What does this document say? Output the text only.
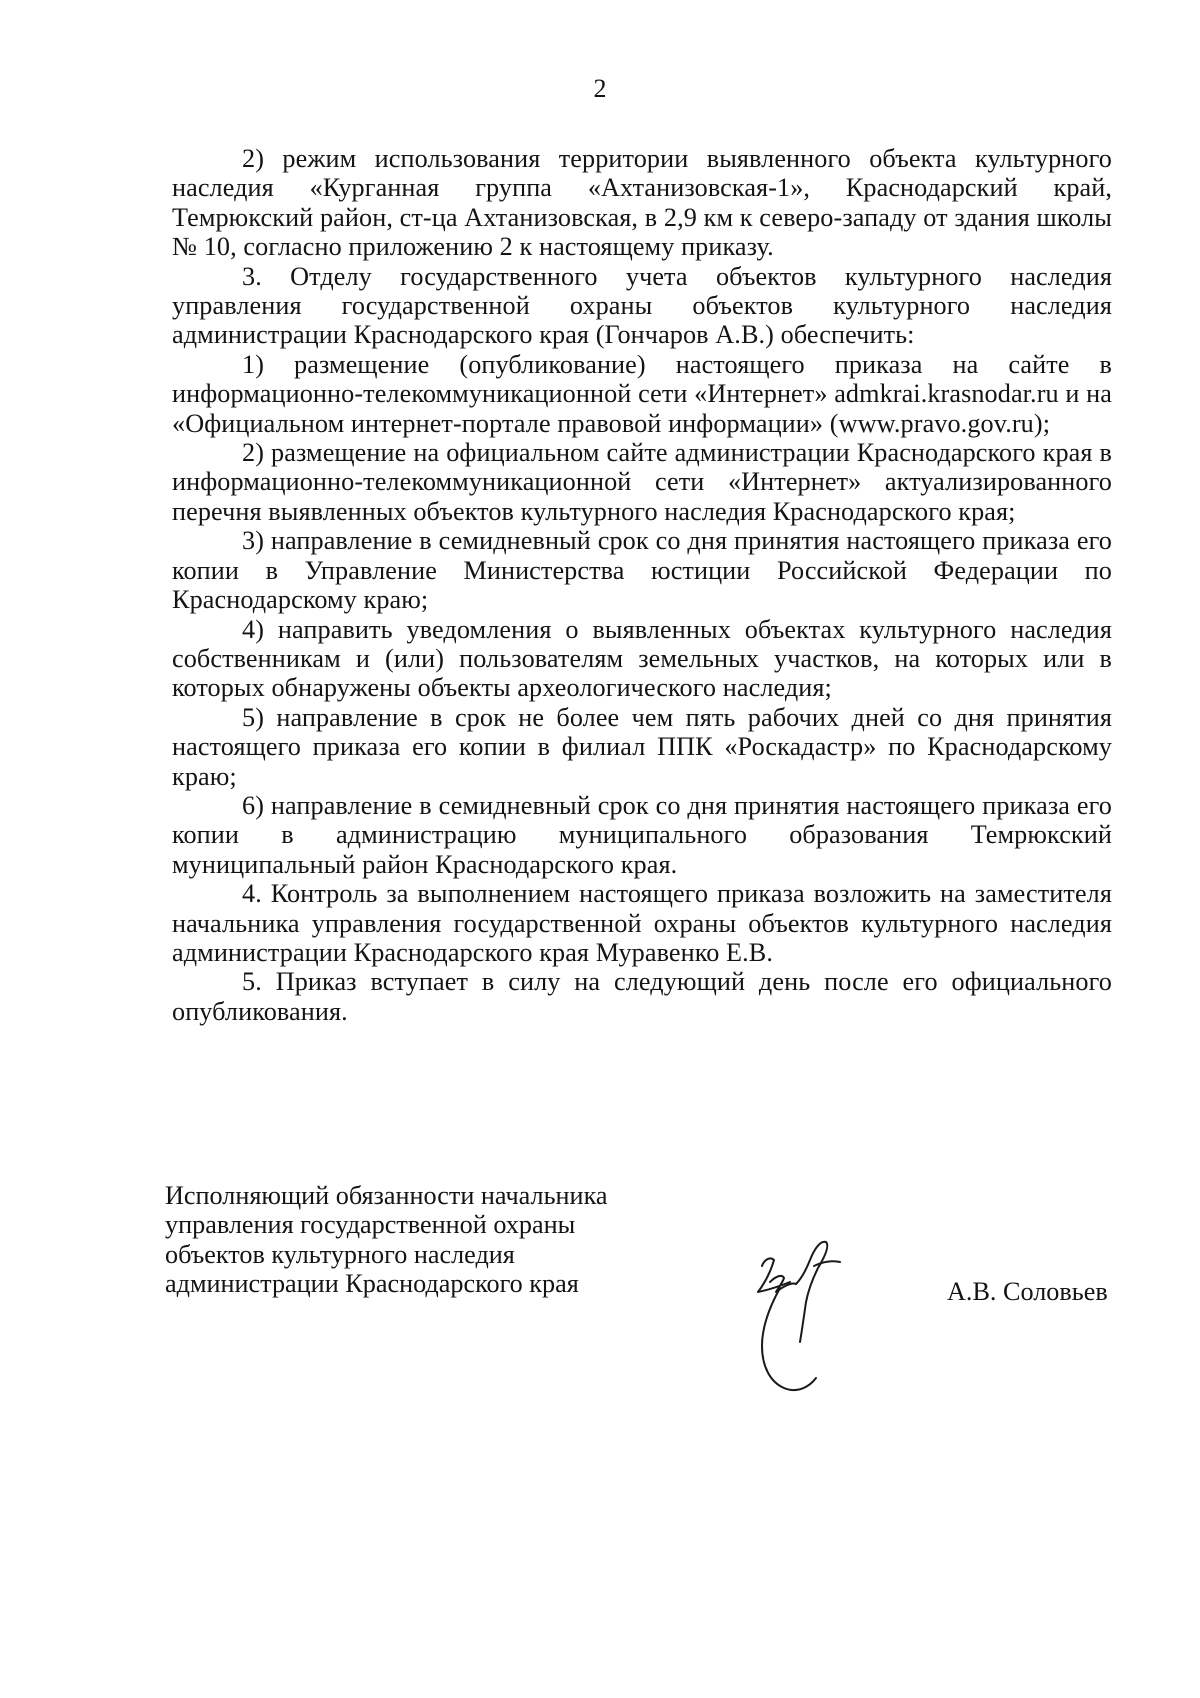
2

2) режим использования территории выявленного объекта культурного наследия «Курганная группа «Ахтанизовская-1», Краснодарский край, Темрюкский район, ст-ца Ахтанизовская, в 2,9 км к северо-западу от здания школы № 10, согласно приложению 2 к настоящему приказу.

3. Отделу государственного учета объектов культурного наследия управления государственной охраны объектов культурного наследия администрации Краснодарского края (Гончаров А.В.) обеспечить:

1) размещение (опубликование) настоящего приказа на сайте в информационно-телекоммуникационной сети «Интернет» admkrai.krasnodar.ru и на «Официальном интернет-портале правовой информации» (www.pravo.gov.ru);

2) размещение на официальном сайте администрации Краснодарского края в информационно-телекоммуникационной сети «Интернет» актуализированного перечня выявленных объектов культурного наследия Краснодарского края;

3) направление в семидневный срок со дня принятия настоящего приказа его копии в Управление Министерства юстиции Российской Федерации по Краснодарскому краю;

4) направить уведомления о выявленных объектах культурного наследия собственникам и (или) пользователям земельных участков, на которых или в которых обнаружены объекты археологического наследия;

5) направление в срок не более чем пять рабочих дней со дня принятия настоящего приказа его копии в филиал ППК «Роскадастр» по Краснодарскому краю;

6) направление в семидневный срок со дня принятия настоящего приказа его копии в администрацию муниципального образования Темрюкский муниципальный район Краснодарского края.

4. Контроль за выполнением настоящего приказа возложить на заместителя начальника управления государственной охраны объектов культурного наследия администрации Краснодарского края Муравенко Е.В.

5. Приказ вступает в силу на следующий день после его официального опубликования.

Исполняющий обязанности начальника
управления государственной охраны
объектов культурного наследия
администрации Краснодарского края	А.В. Соловьев
